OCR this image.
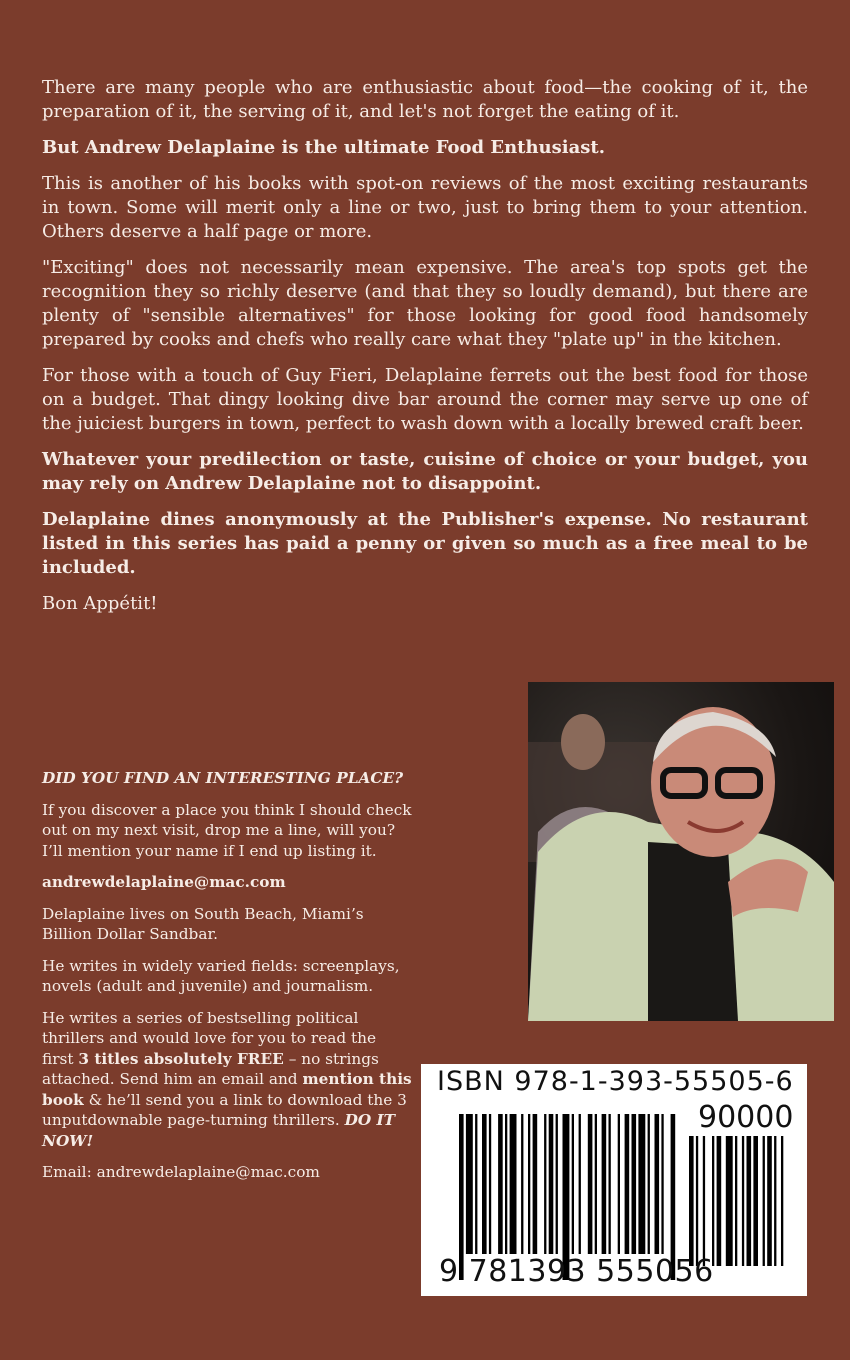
There are many people who are enthusiastic about food—the cooking of it, the preparation of it, the serving of it, and let's not forget the eating of it.

But Andrew Delaplaine is the ultimate Food Enthusiast.

This is another of his books with spot-on reviews of the most exciting restaurants in town. Some will merit only a line or two, just to bring them to your attention. Others deserve a half page or more.

"Exciting" does not necessarily mean expensive. The area's top spots get the recognition they so richly deserve (and that they so loudly demand), but there are plenty of "sensible alternatives" for those looking for good food handsomely prepared by cooks and chefs who really care what they "plate up" in the kitchen.

For those with a touch of Guy Fieri, Delaplaine ferrets out the best food for those on a budget. That dingy looking dive bar around the corner may serve up one of the juiciest burgers in town, perfect to wash down with a locally brewed craft beer.

Whatever your predilection or taste, cuisine of choice or your budget, you may rely on Andrew Delaplaine not to disappoint.

Delaplaine dines anonymously at the Publisher's expense. No restaurant listed in this series has paid a penny or given so much as a free meal to be included.

Bon Appétit!

DID YOU FIND AN INTERESTING PLACE?

If you discover a place you think I should check out on my next visit, drop me a line, will you? I’ll mention your name if I end up listing it.

andrewdelaplaine@mac.com

Delaplaine lives on South Beach, Miami’s Billion Dollar Sandbar.

He writes in widely varied fields: screenplays, novels (adult and juvenile) and journalism.

He writes a series of bestselling political thrillers and would love for you to read the first 3 titles absolutely FREE – no strings attached. Send him an email and mention this book & he’ll send you a link to download the 3 unputdownable page-turning thrillers. DO IT NOW!

Email: andrewdelaplaine@mac.com

ISBN 978-1-393-55505-6
90000
9 781393 555056
